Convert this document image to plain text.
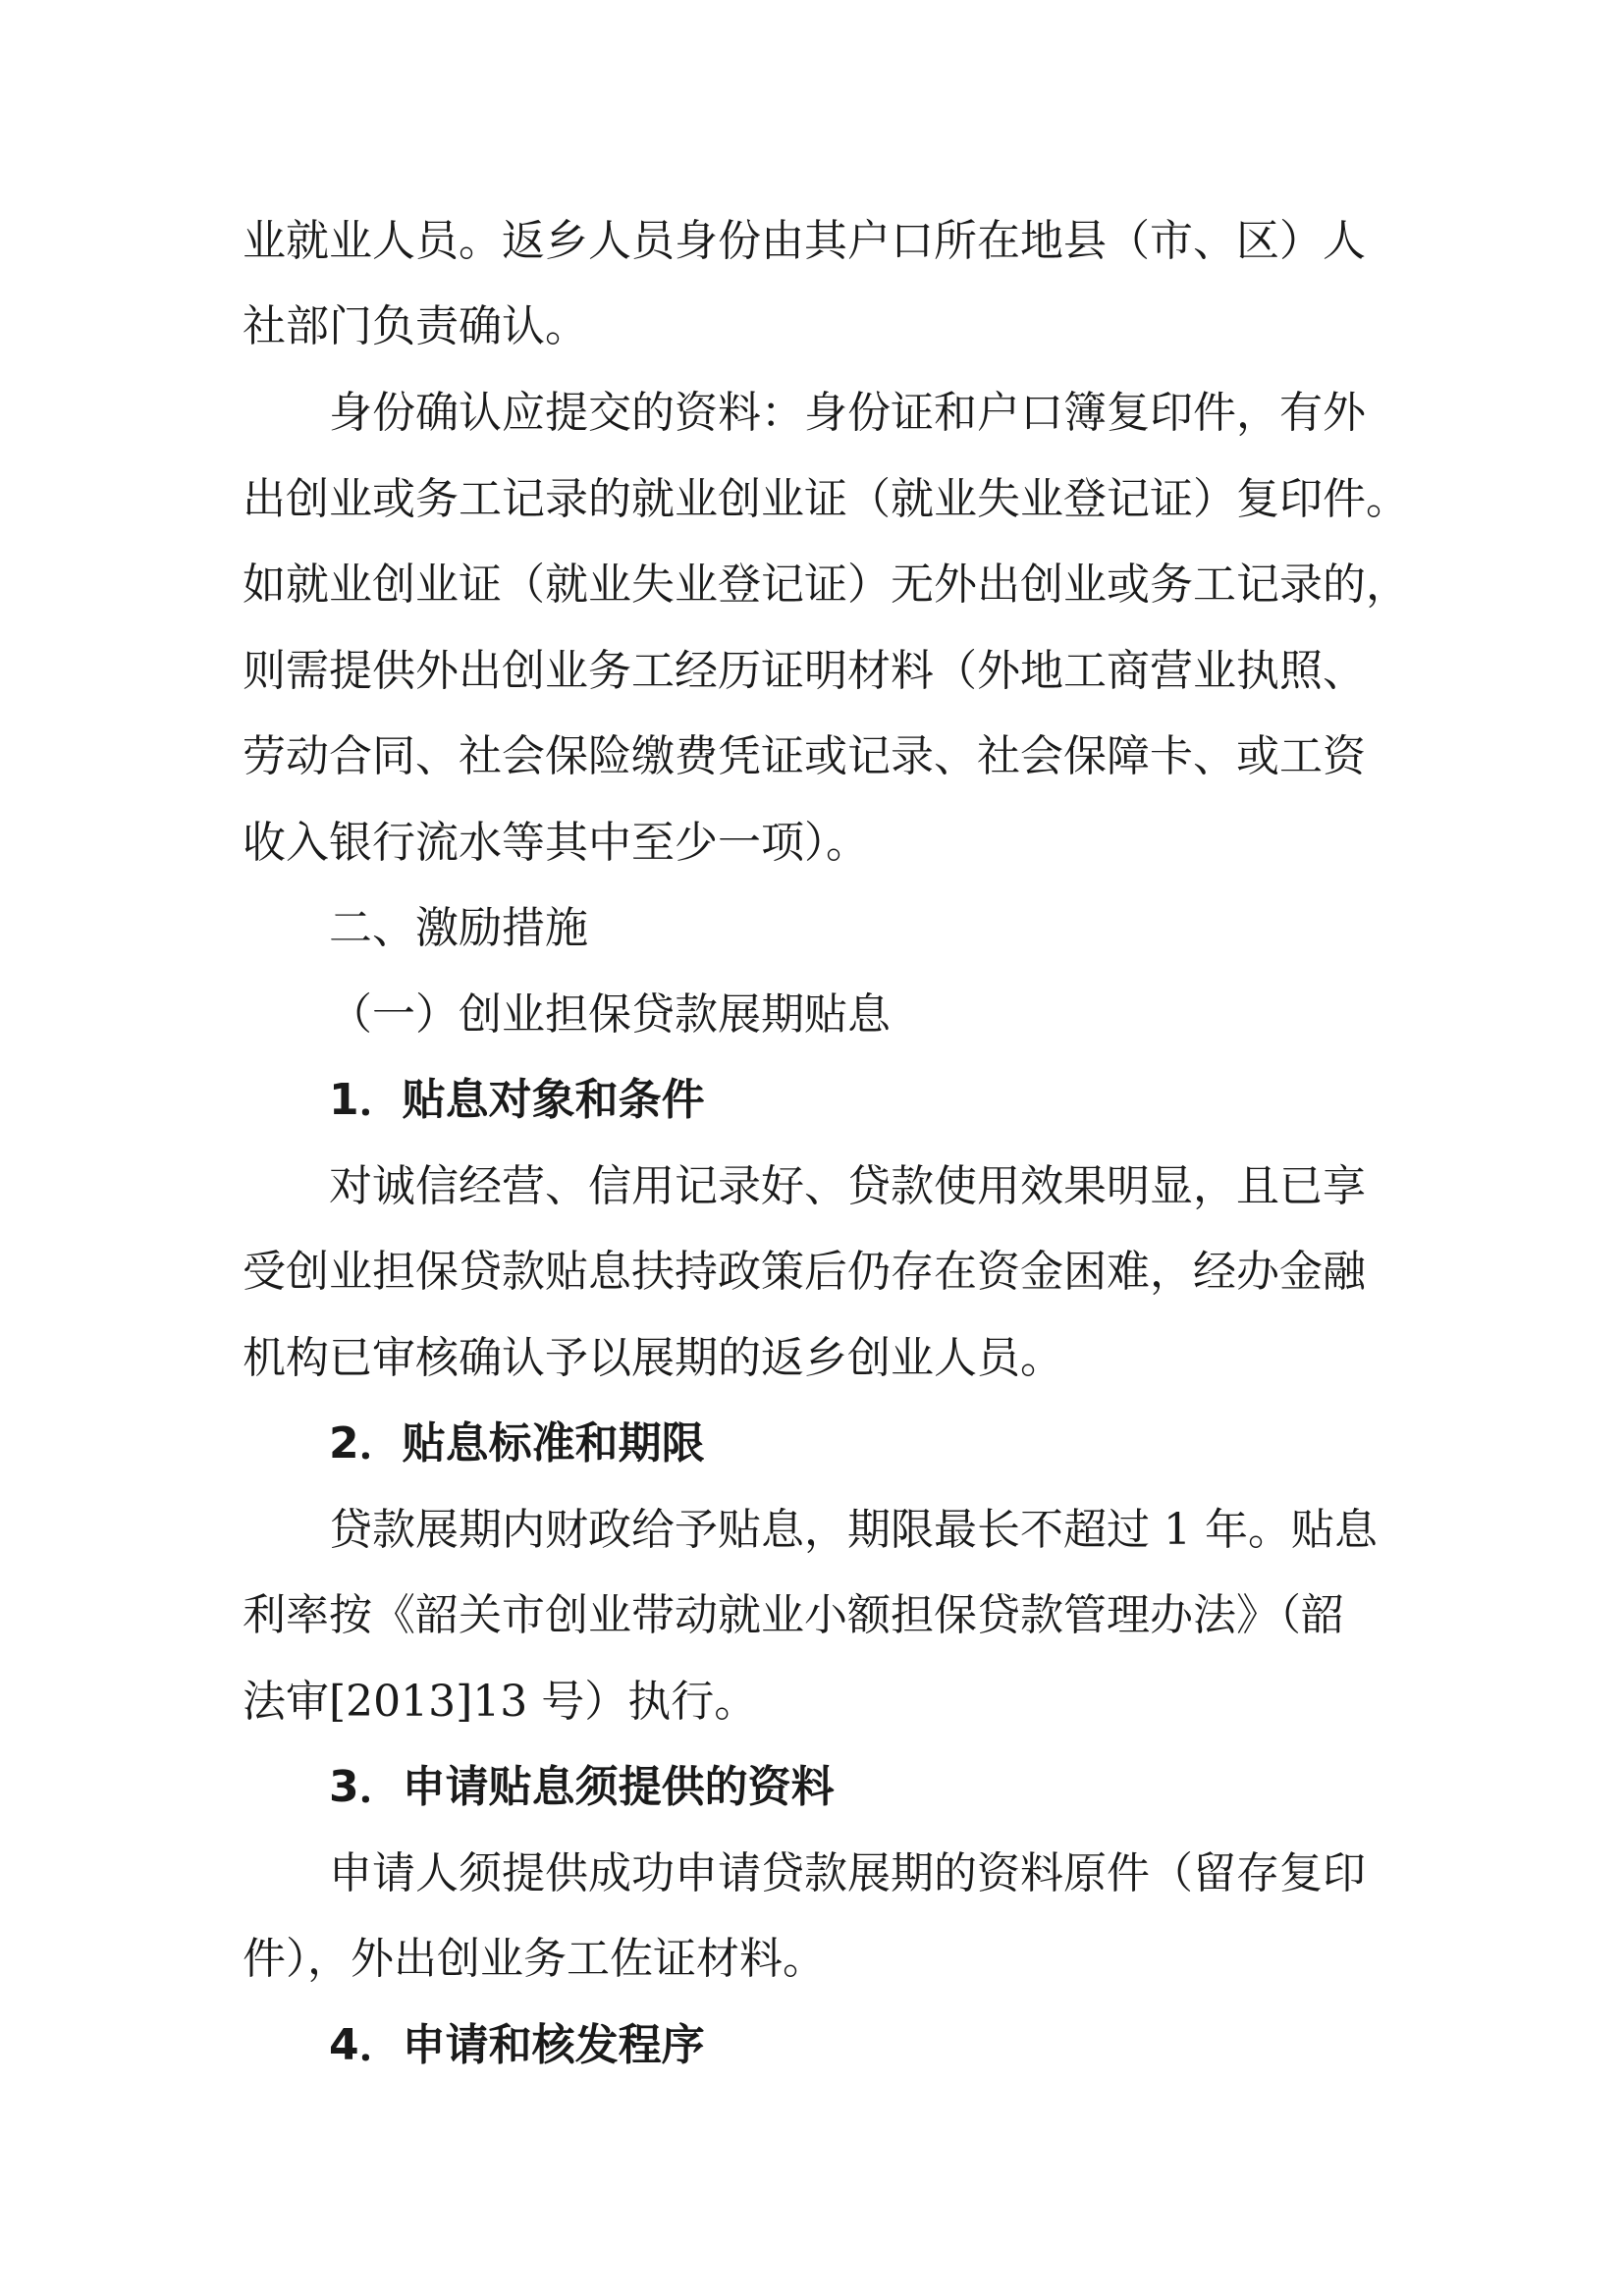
业就业人员。返乡人员身份由其户口所在地县（市、区）人
社部门负责确认。
身份确认应提交的资料：身份证和户口簿复印件，有外
出创业或务工记录的就业创业证（就业失业登记证）复印件。
如就业创业证（就业失业登记证）无外出创业或务工记录的，
则需提供外出创业务工经历证明材料（外地工商营业执照、
劳动合同、社会保险缴费凭证或记录、社会保障卡、或工资
收入银行流水等其中至少一项）。
二、激励措施
（一）创业担保贷款展期贴息
1．贴息对象和条件
对诚信经营、信用记录好、贷款使用效果明显，且已享
受创业担保贷款贴息扶持政策后仍存在资金困难，经办金融
机构已审核确认予以展期的返乡创业人员。
2．贴息标准和期限
贷款展期内财政给予贴息，期限最长不超过 1 年。贴息
利率按《韶关市创业带动就业小额担保贷款管理办法》（韶
法审[2013]13 号）执行。
3．申请贴息须提供的资料
申请人须提供成功申请贷款展期的资料原件（留存复印
件），外出创业务工佐证材料。
4．申请和核发程序
